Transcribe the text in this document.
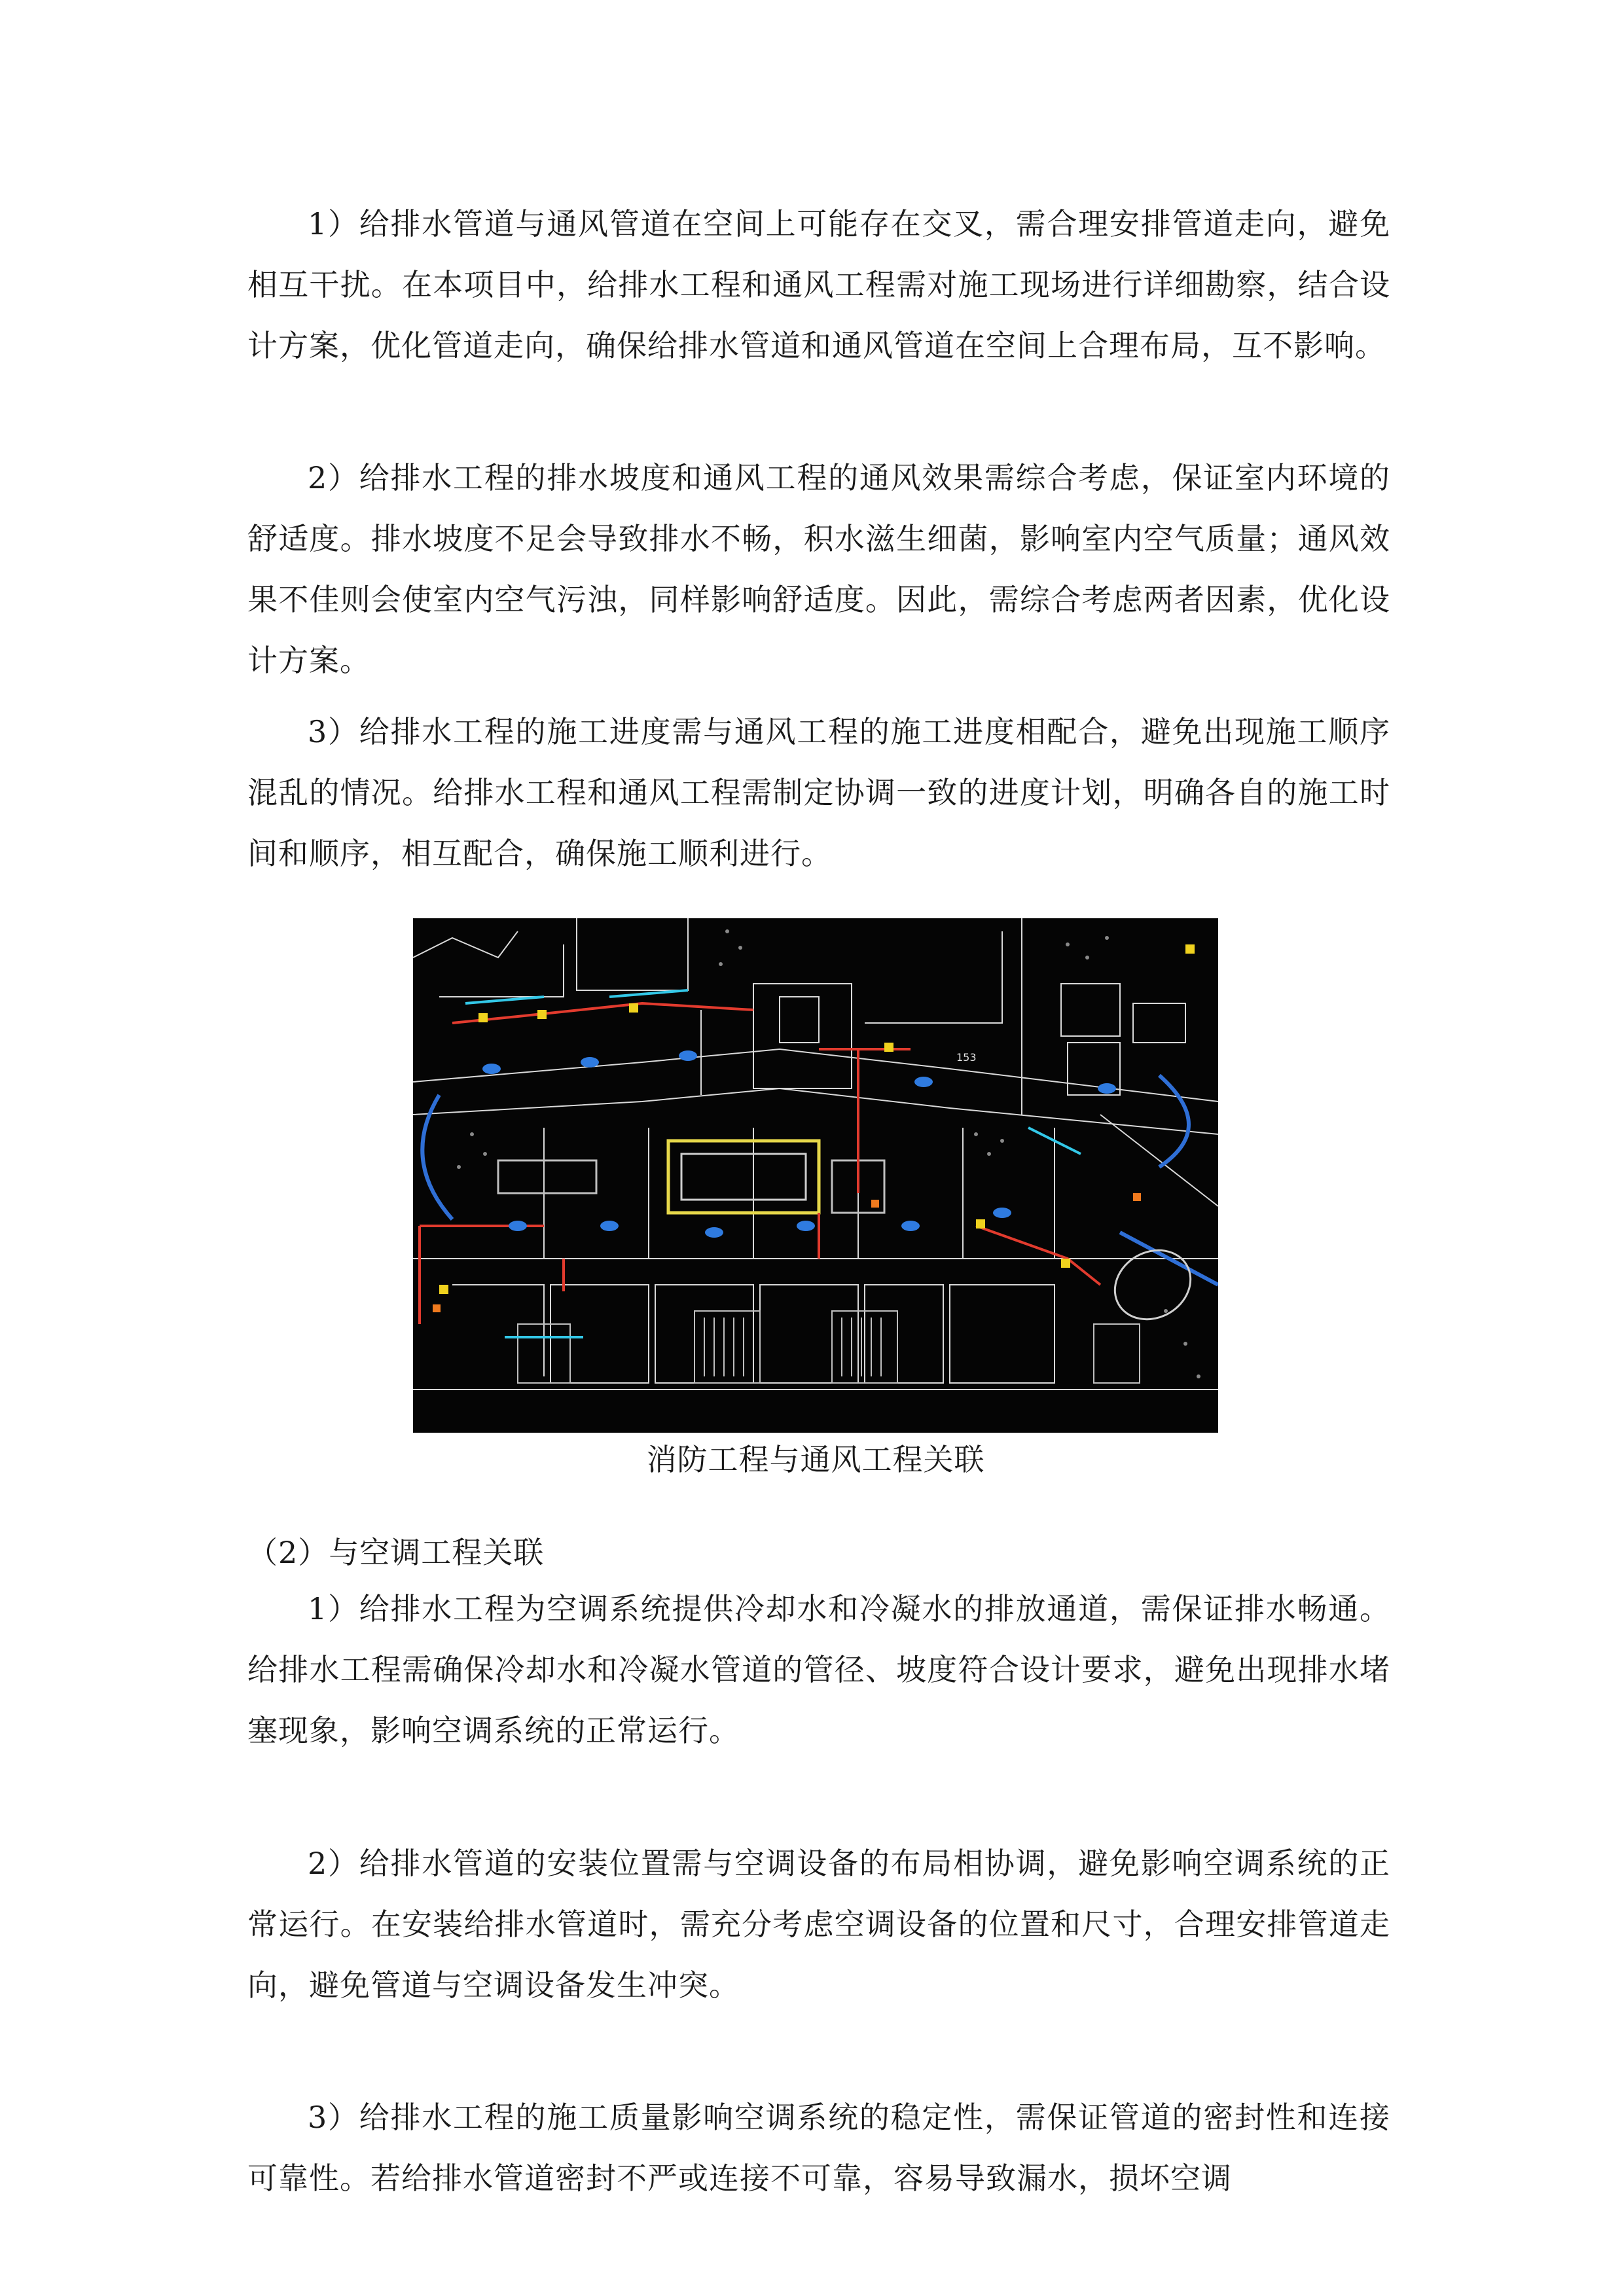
1）给排水管道与通风管道在空间上可能存在交叉，需合理安排管道走向，避免相互干扰。在本项目中，给排水工程和通风工程需对施工现场进行详细勘察，结合设计方案，优化管道走向，确保给排水管道和通风管道在空间上合理布局，互不影响。

2）给排水工程的排水坡度和通风工程的通风效果需综合考虑，保证室内环境的舒适度。排水坡度不足会导致排水不畅，积水滋生细菌，影响室内空气质量；通风效果不佳则会使室内空气污浊，同样影响舒适度。因此，需综合考虑两者因素，优化设计方案。

3）给排水工程的施工进度需与通风工程的施工进度相配合，避免出现施工顺序混乱的情况。给排水工程和通风工程需制定协调一致的进度计划，明确各自的施工时间和顺序，相互配合，确保施工顺利进行。

153

消防工程与通风工程关联

（2）与空调工程关联

1）给排水工程为空调系统提供冷却水和冷凝水的排放通道，需保证排水畅通。给排水工程需确保冷却水和冷凝水管道的管径、坡度符合设计要求，避免出现排水堵塞现象，影响空调系统的正常运行。

2）给排水管道的安装位置需与空调设备的布局相协调，避免影响空调系统的正常运行。在安装给排水管道时，需充分考虑空调设备的位置和尺寸，合理安排管道走向，避免管道与空调设备发生冲突。

3）给排水工程的施工质量影响空调系统的稳定性，需保证管道的密封性和连接可靠性。若给排水管道密封不严或连接不可靠，容易导致漏水，损坏空调
